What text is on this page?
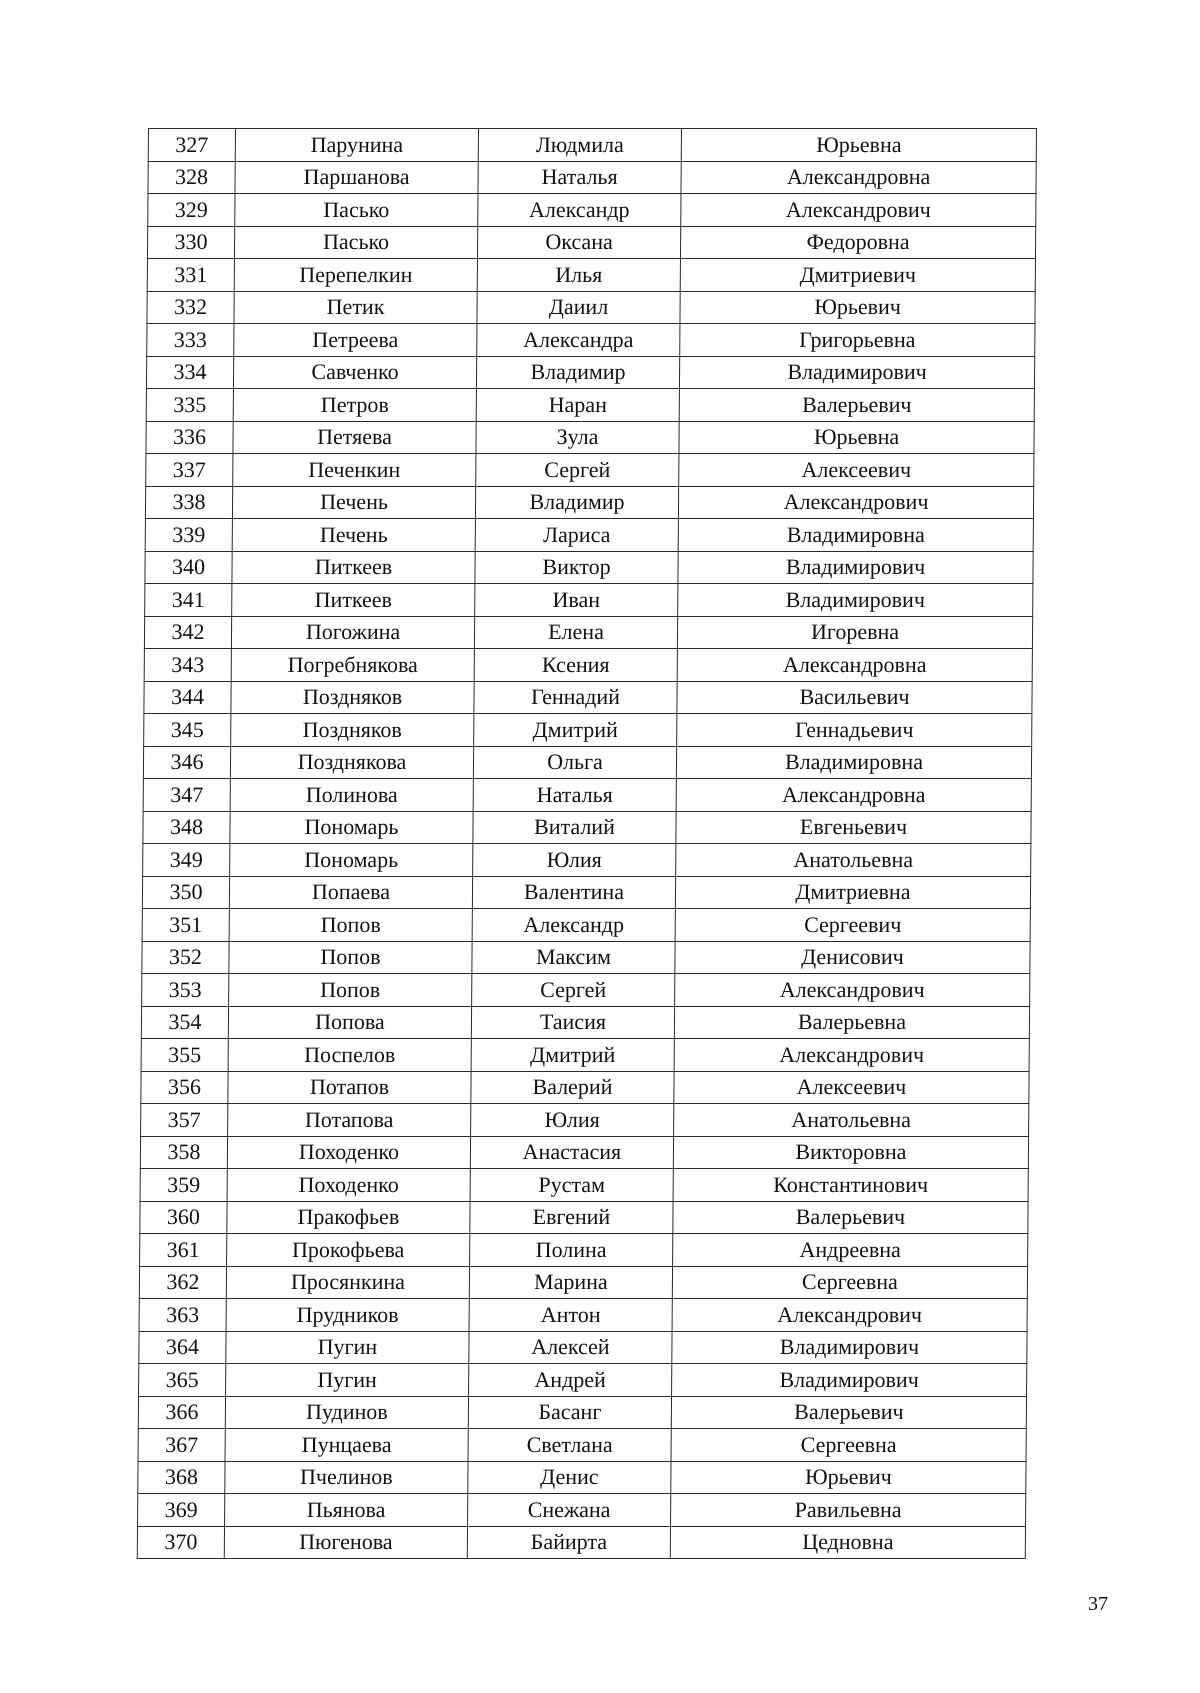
327	Парунина	Людмила	Юрьевна
328	Паршанова	Наталья	Александровна
329	Пасько	Александр	Александрович
330	Пасько	Оксана	Федоровна
331	Перепелкин	Илья	Дмитриевич
332	Петик	Даиил	Юрьевич
333	Петреева	Александра	Григорьевна
334	Савченко	Владимир	Владимирович
335	Петров	Наран	Валерьевич
336	Петяева	Зула	Юрьевна
337	Печенкин	Сергей	Алексеевич
338	Печень	Владимир	Александрович
339	Печень	Лариса	Владимировна
340	Питкеев	Виктор	Владимирович
341	Питкеев	Иван	Владимирович
342	Погожина	Елена	Игоревна
343	Погребнякова	Ксения	Александровна
344	Поздняков	Геннадий	Васильевич
345	Поздняков	Дмитрий	Геннадьевич
346	Позднякова	Ольга	Владимировна
347	Полинова	Наталья	Александровна
348	Пономарь	Виталий	Евгеньевич
349	Пономарь	Юлия	Анатольевна
350	Попаева	Валентина	Дмитриевна
351	Попов	Александр	Сергеевич
352	Попов	Максим	Денисович
353	Попов	Сергей	Александрович
354	Попова	Таисия	Валерьевна
355	Поспелов	Дмитрий	Александрович
356	Потапов	Валерий	Алексеевич
357	Потапова	Юлия	Анатольевна
358	Походенко	Анастасия	Викторовна
359	Походенко	Рустам	Константинович
360	Пракофьев	Евгений	Валерьевич
361	Прокофьева	Полина	Андреевна
362	Просянкина	Марина	Сергеевна
363	Прудников	Антон	Александрович
364	Пугин	Алексей	Владимирович
365	Пугин	Андрей	Владимирович
366	Пудинов	Басанг	Валерьевич
367	Пунцаева	Светлана	Сергеевна
368	Пчелинов	Денис	Юрьевич
369	Пьянова	Снежана	Равильевна
370	Пюгенова	Байирта	Цедновна
37
